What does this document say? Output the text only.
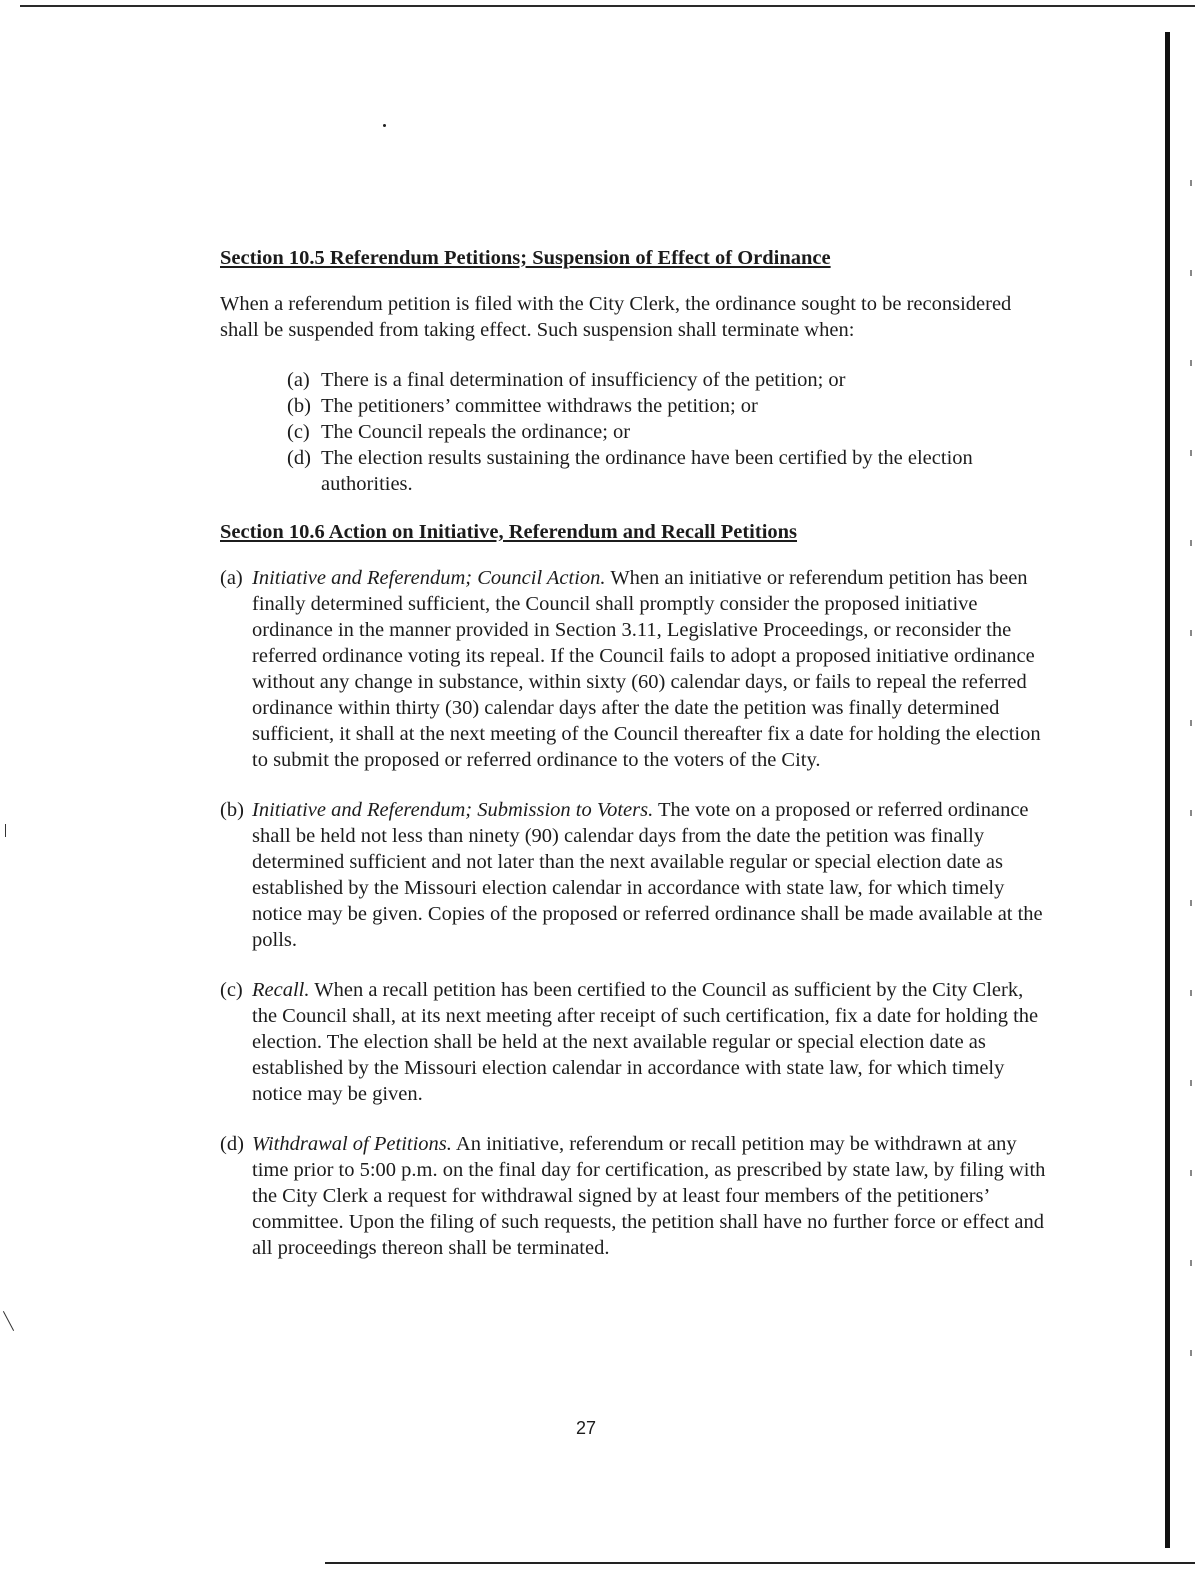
Section 10.5 Referendum Petitions; Suspension of Effect of Ordinance
When a referendum petition is filed with the City Clerk, the ordinance sought to be reconsidered shall be suspended from taking effect. Such suspension shall terminate when:
(a) There is a final determination of insufficiency of the petition; or
(b) The petitioners’ committee withdraws the petition; or
(c) The Council repeals the ordinance; or
(d) The election results sustaining the ordinance have been certified by the election authorities.
Section 10.6 Action on Initiative, Referendum and Recall Petitions
(a) Initiative and Referendum; Council Action. When an initiative or referendum petition has been finally determined sufficient, the Council shall promptly consider the proposed initiative ordinance in the manner provided in Section 3.11, Legislative Proceedings, or reconsider the referred ordinance voting its repeal. If the Council fails to adopt a proposed initiative ordinance without any change in substance, within sixty (60) calendar days, or fails to repeal the referred ordinance within thirty (30) calendar days after the date the petition was finally determined sufficient, it shall at the next meeting of the Council thereafter fix a date for holding the election to submit the proposed or referred ordinance to the voters of the City.
(b) Initiative and Referendum; Submission to Voters. The vote on a proposed or referred ordinance shall be held not less than ninety (90) calendar days from the date the petition was finally determined sufficient and not later than the next available regular or special election date as established by the Missouri election calendar in accordance with state law, for which timely notice may be given. Copies of the proposed or referred ordinance shall be made available at the polls.
(c) Recall. When a recall petition has been certified to the Council as sufficient by the City Clerk, the Council shall, at its next meeting after receipt of such certification, fix a date for holding the election. The election shall be held at the next available regular or special election date as established by the Missouri election calendar in accordance with state law, for which timely notice may be given.
(d) Withdrawal of Petitions. An initiative, referendum or recall petition may be withdrawn at any time prior to 5:00 p.m. on the final day for certification, as prescribed by state law, by filing with the City Clerk a request for withdrawal signed by at least four members of the petitioners’ committee. Upon the filing of such requests, the petition shall have no further force or effect and all proceedings thereon shall be terminated.
27
